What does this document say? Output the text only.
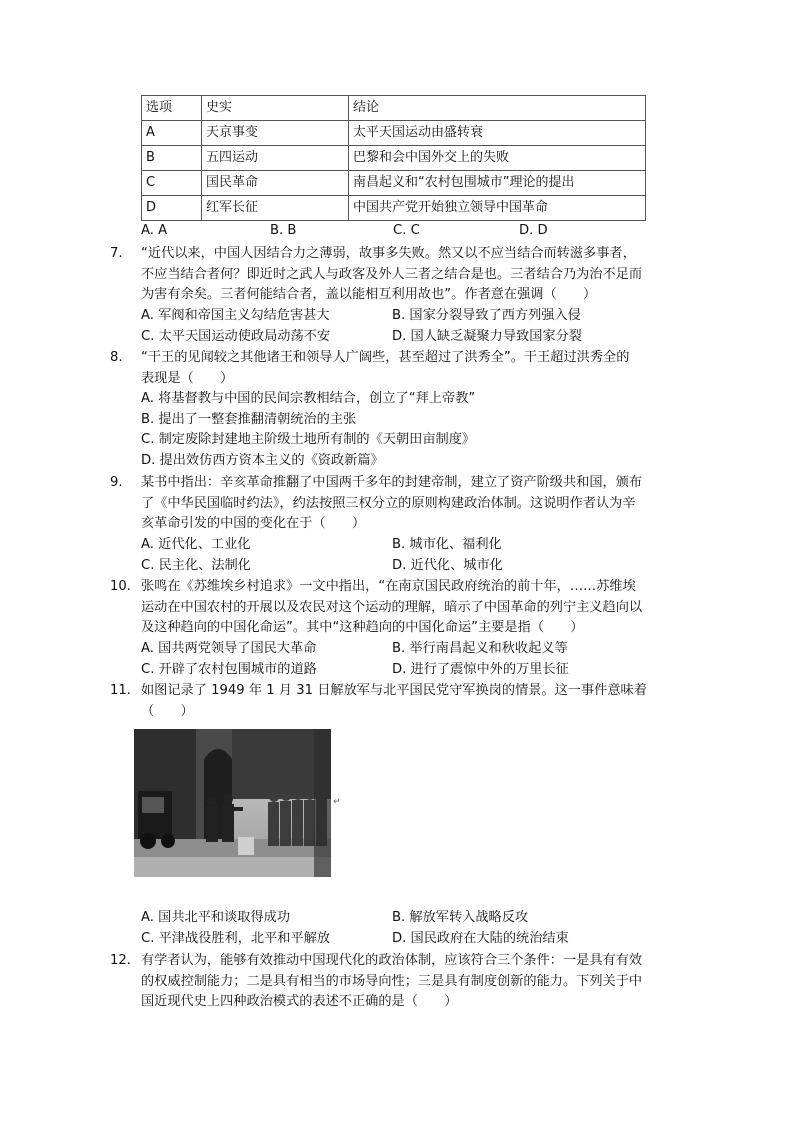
选项	史实	结论
A	天京事变	太平天国运动由盛转衰
B	五四运动	巴黎和会中国外交上的失败
C	国民革命	南昌起义和“农村包围城市”理论的提出
D	红军长征	中国共产党开始独立领导中国革命
A. A	B. B	C. C	D. D
7. “近代以来，中国人因结合力之薄弱，故事多失败。然又以不应当结合而转滋多事者，
不应当结合者何？即近时之武人与政客及外人三者之结合是也。三者结合乃为治不足而
为害有余矣。三者何能结合者，盖以能相互利用故也”。作者意在强调（　　）
A. 军阀和帝国主义勾结危害甚大	B. 国家分裂导致了西方列强入侵
C. 太平天国运动使政局动荡不安	D. 国人缺乏凝聚力导致国家分裂
8. “干王的见闻较之其他诸王和领导人广阔些，甚至超过了洪秀全”。干王超过洪秀全的
表现是（　　）
A. 将基督教与中国的民间宗教相结合，创立了“拜上帝教”
B. 提出了一整套推翻清朝统治的主张
C. 制定废除封建地主阶级土地所有制的《天朝田亩制度》
D. 提出效仿西方资本主义的《资政新篇》
9. 某书中指出：辛亥革命推翻了中国两千多年的封建帝制，建立了资产阶级共和国，颁布
了《中华民国临时约法》，约法按照三权分立的原则构建政治体制。这说明作者认为辛
亥革命引发的中国的变化在于（　　）
A. 近代化、工业化	B. 城市化、福利化
C. 民主化、法制化	D. 近代化、城市化
10. 张鸣在《苏维埃乡村追求》一文中指出，“在南京国民政府统治的前十年，……苏维埃
运动在中国农村的开展以及农民对这个运动的理解，暗示了中国革命的列宁主义趋向以
及这种趋向的中国化命运”。其中“这种趋向的中国化命运”主要是指（　　）
A. 国共两党领导了国民大革命	B. 举行南昌起义和秋收起义等
C. 开辟了农村包围城市的道路	D. 进行了震惊中外的万里长征
11. 如图记录了 1949 年 1 月 31 日解放军与北平国民党守军换岗的情景。这一事件意味着
（　　）
↵
A. 国共北平和谈取得成功	B. 解放军转入战略反攻
C. 平津战役胜利，北平和平解放	D. 国民政府在大陆的统治结束
12. 有学者认为，能够有效推动中国现代化的政治体制，应该符合三个条件：一是具有有效
的权威控制能力；二是具有相当的市场导向性；三是具有制度创新的能力。下列关于中
国近现代史上四种政治模式的表述不正确的是（　　）
